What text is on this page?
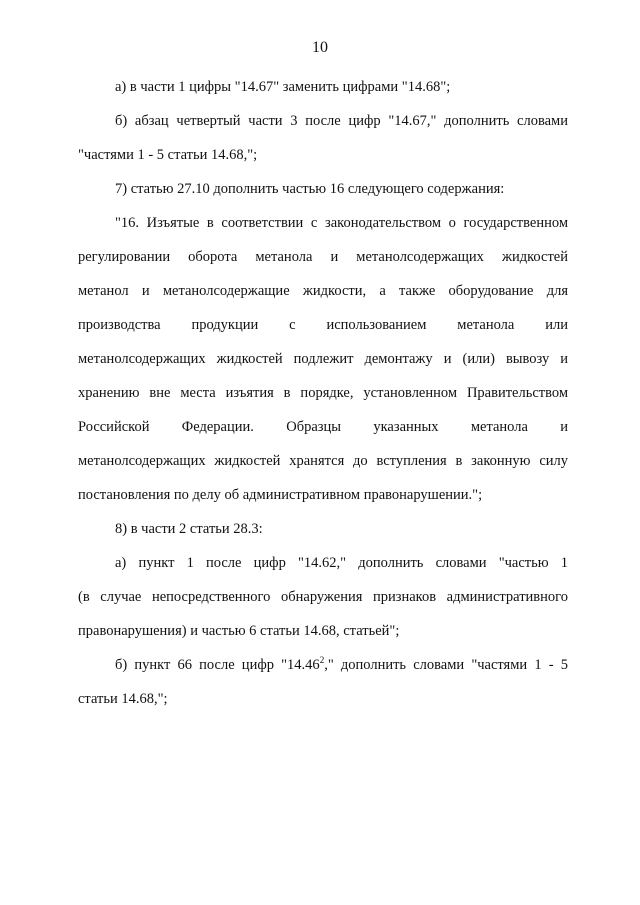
10
а) в части 1 цифры "14.67" заменить цифрами "14.68";
б) абзац четвертый части 3 после цифр "14.67," дополнить словами
"частями 1 - 5 статьи 14.68,";
7) статью 27.10 дополнить частью 16 следующего содержания:
"16. Изъятые в соответствии с законодательством о государственном
регулировании оборота метанола и метанолсодержащих жидкостей
метанол и метанолсодержащие жидкости, а также оборудование для
производства продукции с использованием метанола или
метанолсодержащих жидкостей подлежит демонтажу и (или) вывозу и
хранению вне места изъятия в порядке, установленном Правительством
Российской Федерации. Образцы указанных метанола и
метанолсодержащих жидкостей хранятся до вступления в законную силу
постановления по делу об административном правонарушении.";
8) в части 2 статьи 28.3:
а) пункт 1 после цифр "14.62," дополнить словами "частью 1
(в случае непосредственного обнаружения признаков административного
правонарушения) и частью 6 статьи 14.68, статьей";
б) пункт 66 после цифр "14.46$^2$," дополнить словами "частями 1 - 5
статьи 14.68,";
